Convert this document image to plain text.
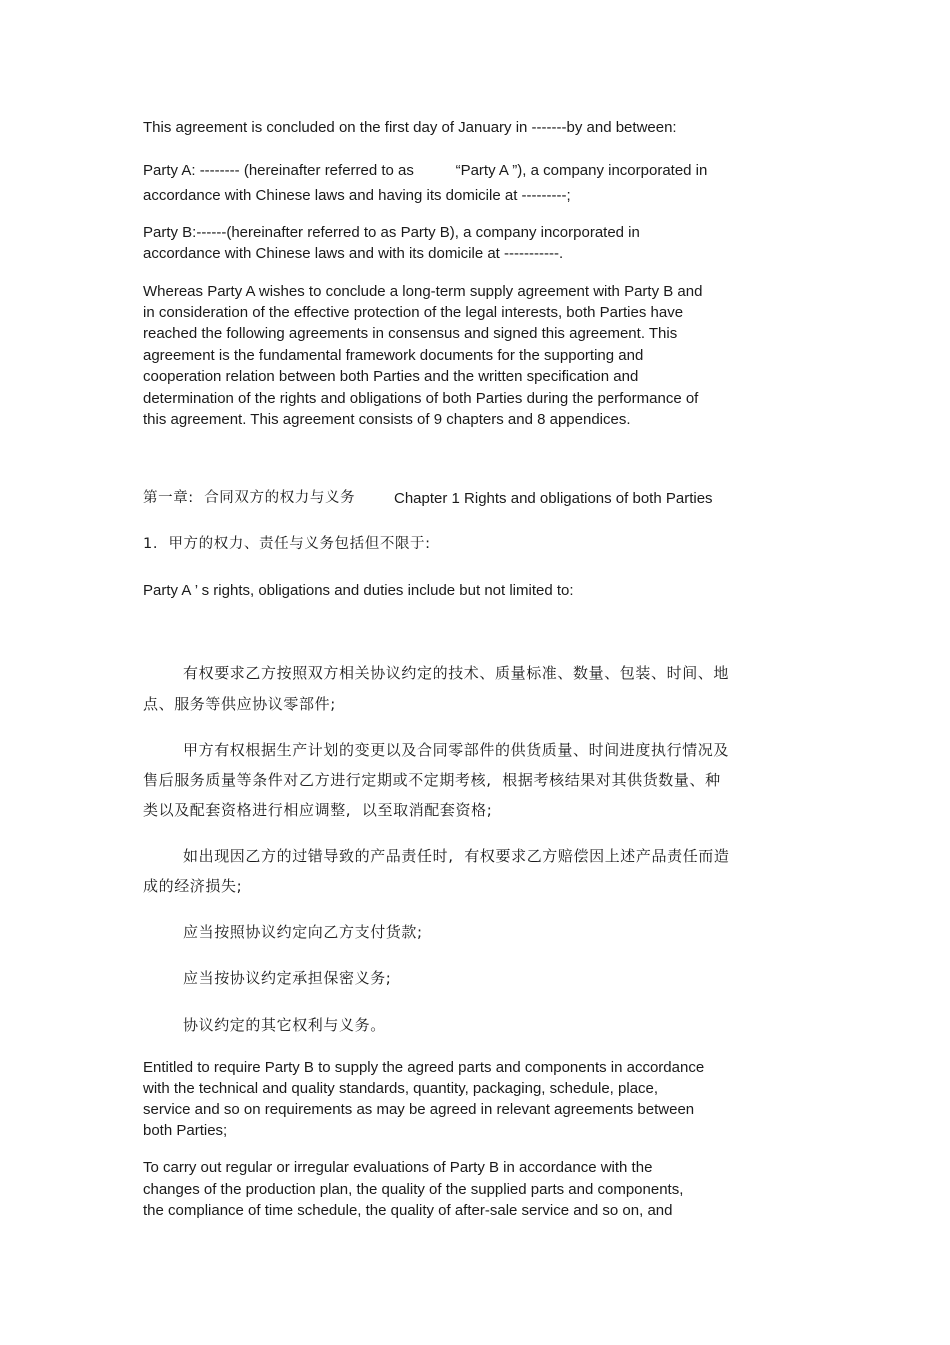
This agreement is concluded on the first day of January in -------by and between:
Party A: -------- (hereinafter referred to as          “Party A ”), a company incorporated in
accordance with Chinese laws and having its domicile at ---------;
Party B:------(hereinafter referred to as Party B), a company incorporated in
accordance with Chinese laws and with its domicile at -----------.
Whereas Party A wishes to conclude a long-term supply agreement with Party B and
in consideration of the effective protection of the legal interests, both Parties have
reached the following agreements in consensus and signed this agreement. This
agreement is the fundamental framework documents for the supporting and
cooperation relation between both Parties and the written specification and
determination of the rights and obligations of both Parties during the performance of
this agreement. This agreement consists of 9 chapters and 8 appendices.
第一章:  合同双方的权力与义务	Chapter 1 Rights and obligations of both Parties
1.  甲方的权力、责任与义务包括但不限于:
Party A ’ s rights, obligations and duties include but not limited to:
有权要求乙方按照双方相关协议约定的技术、质量标准、数量、包装、时间、地
点、服务等供应协议零部件;
甲方有权根据生产计划的变更以及合同零部件的供货质量、时间进度执行情况及
售后服务质量等条件对乙方进行定期或不定期考核,  根据考核结果对其供货数量、种
类以及配套资格进行相应调整,  以至取消配套资格;
如出现因乙方的过错导致的产品责任时,  有权要求乙方赔偿因上述产品责任而造
成的经济损失;
应当按照协议约定向乙方支付货款;
应当按协议约定承担保密义务;
协议约定的其它权利与义务。
Entitled to require Party B to supply the agreed parts and components in accordance
with the technical and quality standards, quantity, packaging, schedule, place,
service and so on requirements as may be agreed in relevant agreements between
both Parties;
To carry out regular or irregular evaluations of Party B in accordance with the
changes of the production plan, the quality of the supplied parts and components,
the compliance of time schedule, the quality of after-sale service and so on, and
